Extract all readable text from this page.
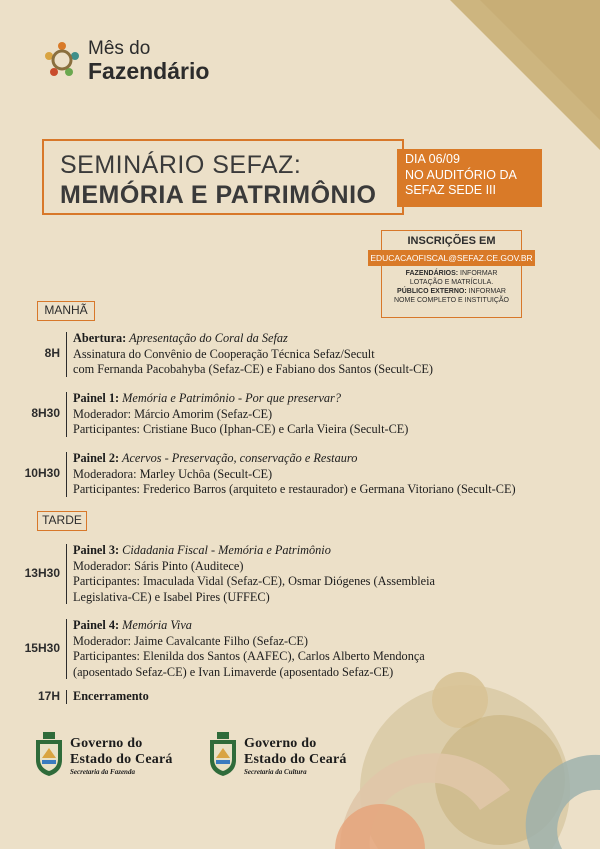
Mês do
Fazendário
SEMINÁRIO SEFAZ:
MEMÓRIA E PATRIMÔNIO
DIA 06/09
NO AUDITÓRIO DA
SEFAZ SEDE III
INSCRIÇÕES EM
EDUCACAOFISCAL@SEFAZ.CE.GOV.BR
FAZENDÁRIOS: INFORMAR
LOTAÇÃO E MATRÍCULA.
PÚBLICO EXTERNO: INFORMAR
NOME COMPLETO E INSTITUIÇÃO
MANHÃ
TARDE
8H
Abertura: Apresentação do Coral da Sefaz
Assinatura do Convênio de Cooperação Técnica Sefaz/Secult
com Fernanda Pacobahyba (Sefaz-CE) e Fabiano dos Santos (Secult-CE)
8H30
Painel 1: Memória e Patrimônio - Por que preservar?
Moderador: Márcio Amorim (Sefaz-CE)
Participantes: Cristiane Buco (Iphan-CE) e Carla Vieira (Secult-CE)
10H30
Painel 2: Acervos - Preservação, conservação e Restauro
Moderadora: Marley Uchôa (Secult-CE)
Participantes: Frederico Barros (arquiteto e restaurador) e Germana Vitoriano (Secult-CE)
13H30
Painel 3: Cidadania Fiscal - Memória e Patrimônio
Moderador: Sáris Pinto (Auditece)
Participantes: Imaculada Vidal (Sefaz-CE), Osmar Diógenes (Assembleia
Legislativa-CE) e Isabel Pires (UFFEC)
15H30
Painel 4: Memória Viva
Moderador: Jaime Cavalcante Filho (Sefaz-CE)
Participantes: Elenilda dos Santos (AAFEC), Carlos Alberto Mendonça
(aposentado Sefaz-CE) e Ivan Limaverde (aposentado Sefaz-CE)
17H Encerramento
Governo do
Estado do Ceará
Secretaria da Fazenda
Governo do
Estado do Ceará
Secretaria da Cultura
